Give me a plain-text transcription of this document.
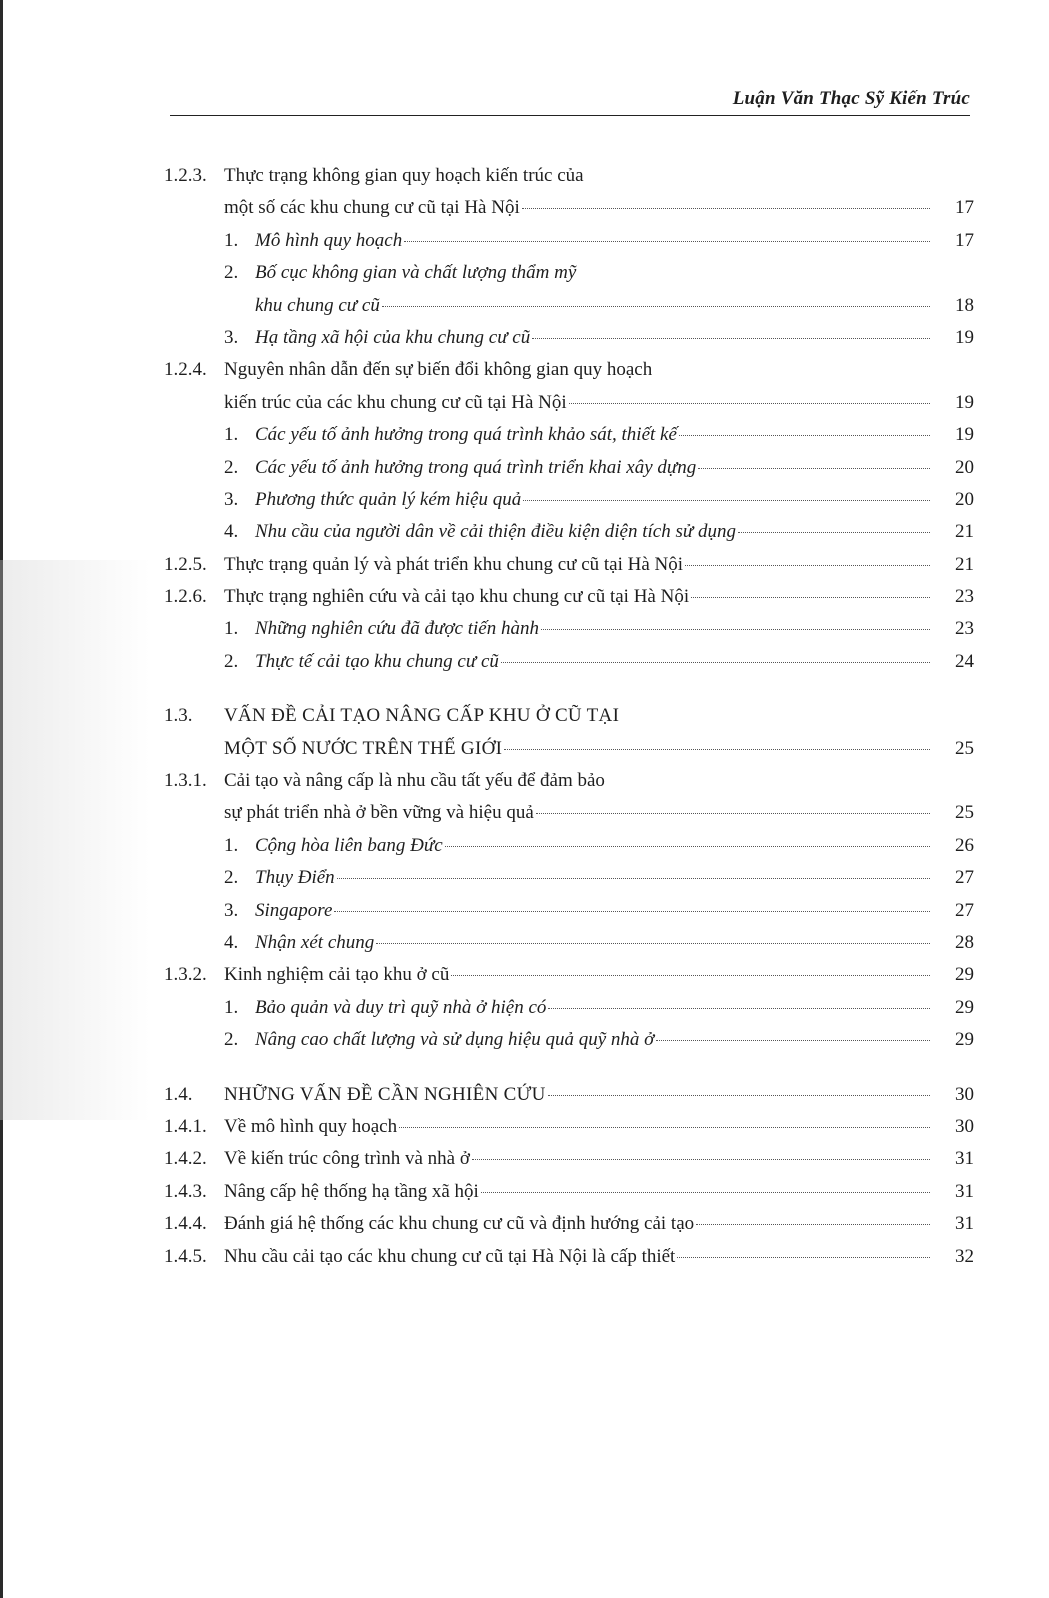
Luận Văn Thạc Sỹ Kiến Trúc
1.2.3. Thực trạng không gian quy hoạch kiến trúc của
một số các khu chung cư cũ tại Hà Nội	17
1. Mô hình quy hoạch	17
2. Bố cục không gian và chất lượng thẩm mỹ
khu chung cư cũ	18
3. Hạ tầng xã hội của khu chung cư cũ	19
1.2.4. Nguyên nhân dẫn đến sự biến đổi không gian quy hoạch
kiến trúc của các khu chung cư cũ tại Hà Nội	19
1. Các yếu tố ảnh hưởng trong quá trình khảo sát, thiết kế	19
2. Các yếu tố ảnh hưởng trong quá trình triển khai xây dựng	20
3. Phương thức quản lý kém hiệu quả	20
4. Nhu cầu của người dân về cải thiện điều kiện diện tích sử dụng	21
1.2.5. Thực trạng quản lý và phát triển khu chung cư cũ tại Hà Nội	21
1.2.6. Thực trạng nghiên cứu và cải tạo khu chung cư cũ tại Hà Nội	23
1. Những nghiên cứu đã được tiến hành	23
2. Thực tế cải tạo khu chung cư cũ	24
1.3.	VẤN ĐỀ CẢI TẠO NÂNG CẤP KHU Ở CŨ TẠI
MỘT SỐ NƯỚC TRÊN THẾ GIỚI	25
1.3.1. Cải tạo và nâng cấp là nhu cầu tất yếu để đảm bảo
sự phát triển nhà ở bền vững và hiệu quả	25
1. Cộng hòa liên bang Đức	26
2. Thụy Điển	27
3. Singapore	27
4. Nhận xét chung	28
1.3.2. Kinh nghiệm cải tạo khu ở cũ	29
1. Bảo quản và duy trì quỹ nhà ở hiện có	29
2. Nâng cao chất lượng và sử dụng hiệu quả quỹ nhà ở	29
1.4.	NHỮNG VẤN ĐỀ CẦN NGHIÊN CỨU	30
1.4.1. Về mô hình quy hoạch	30
1.4.2. Về kiến trúc công trình và nhà ở	31
1.4.3. Nâng cấp hệ thống hạ tầng xã hội	31
1.4.4. Đánh giá hệ thống các khu chung cư cũ và định hướng cải tạo	31
1.4.5. Nhu cầu cải tạo các khu chung cư cũ tại Hà Nội là cấp thiết	32
